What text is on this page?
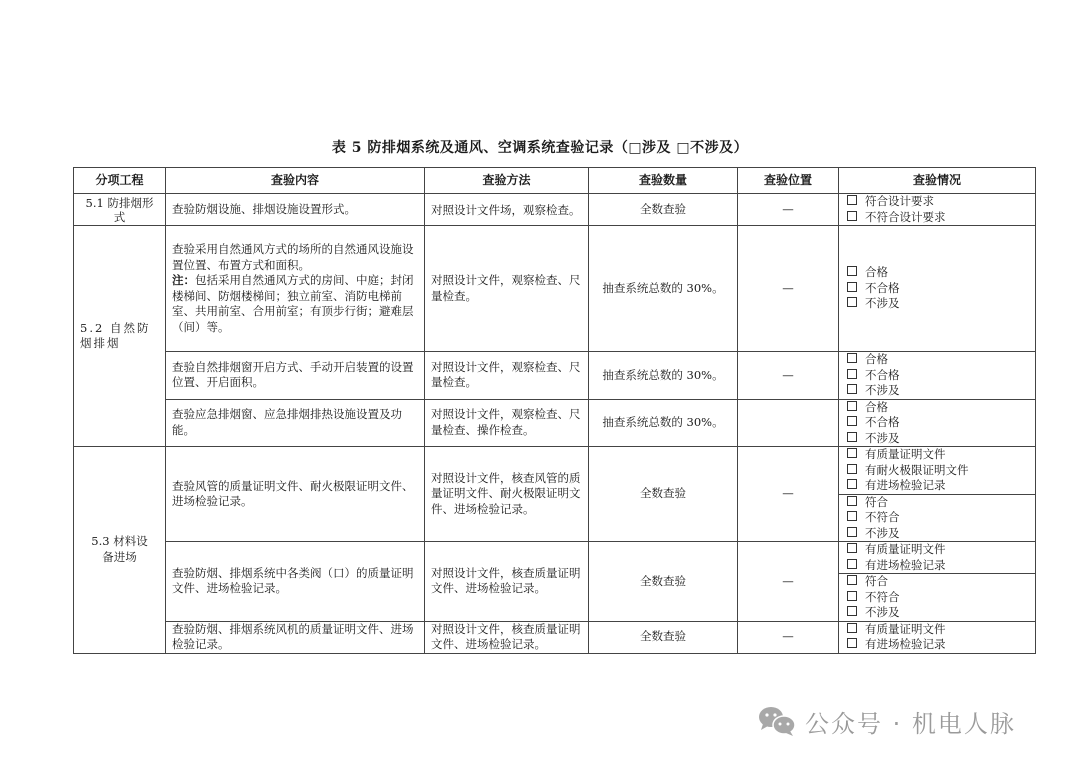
表 5 防排烟系统及通风、空调系统查验记录（□涉及 □不涉及）
分项工程	查验内容	查验方法	查验数量	查验位置	查验情况
5.1 防排烟形式	查验防烟设施、排烟设施设置形式。	对照设计文件场，观察检查。	全数查验	—	
符合设计要求
不符合设计要求

5.2 自然防烟排烟	查验采用自然通风方式的场所的自然通风设施设置位置、布置方式和面积。
注：包括采用自然通风方式的房间、中庭；封闭楼梯间、防烟楼梯间；独立前室、消防电梯前室、共用前室、合用前室；有顶步行街；避难层（间）等。	对照设计文件，观察检查、尺量检查。	抽查系统总数的 30%。	—	
合格
不合格
不涉及

查验自然排烟窗开启方式、手动开启装置的设置位置、开启面积。	对照设计文件，观察检查、尺量检查。	抽查系统总数的 30%。	—	
合格
不合格
不涉及

查验应急排烟窗、应急排烟排热设施设置及功能。	对照设计文件，观察检查、尺量检查、操作检查。	抽查系统总数的 30%。		
合格
不合格
不涉及

5.3 材料设备进场	查验风管的质量证明文件、耐火极限证明文件、进场检验记录。	对照设计文件，核查风管的质量证明文件、耐火极限证明文件、进场检验记录。	全数查验	—	
有质量证明文件
有耐火极限证明文件
有进场检验记录

符合
不符合
不涉及

查验防烟、排烟系统中各类阀（口）的质量证明文件、进场检验记录。	对照设计文件，核查质量证明文件、进场检验记录。	全数查验	—	
有质量证明文件
有进场检验记录

符合
不符合
不涉及

查验防烟、排烟系统风机的质量证明文件、进场检验记录。	对照设计文件，核查质量证明文件、进场检验记录。	全数查验	—	
有质量证明文件
有进场检验记录
公众号 · 机电人脉
